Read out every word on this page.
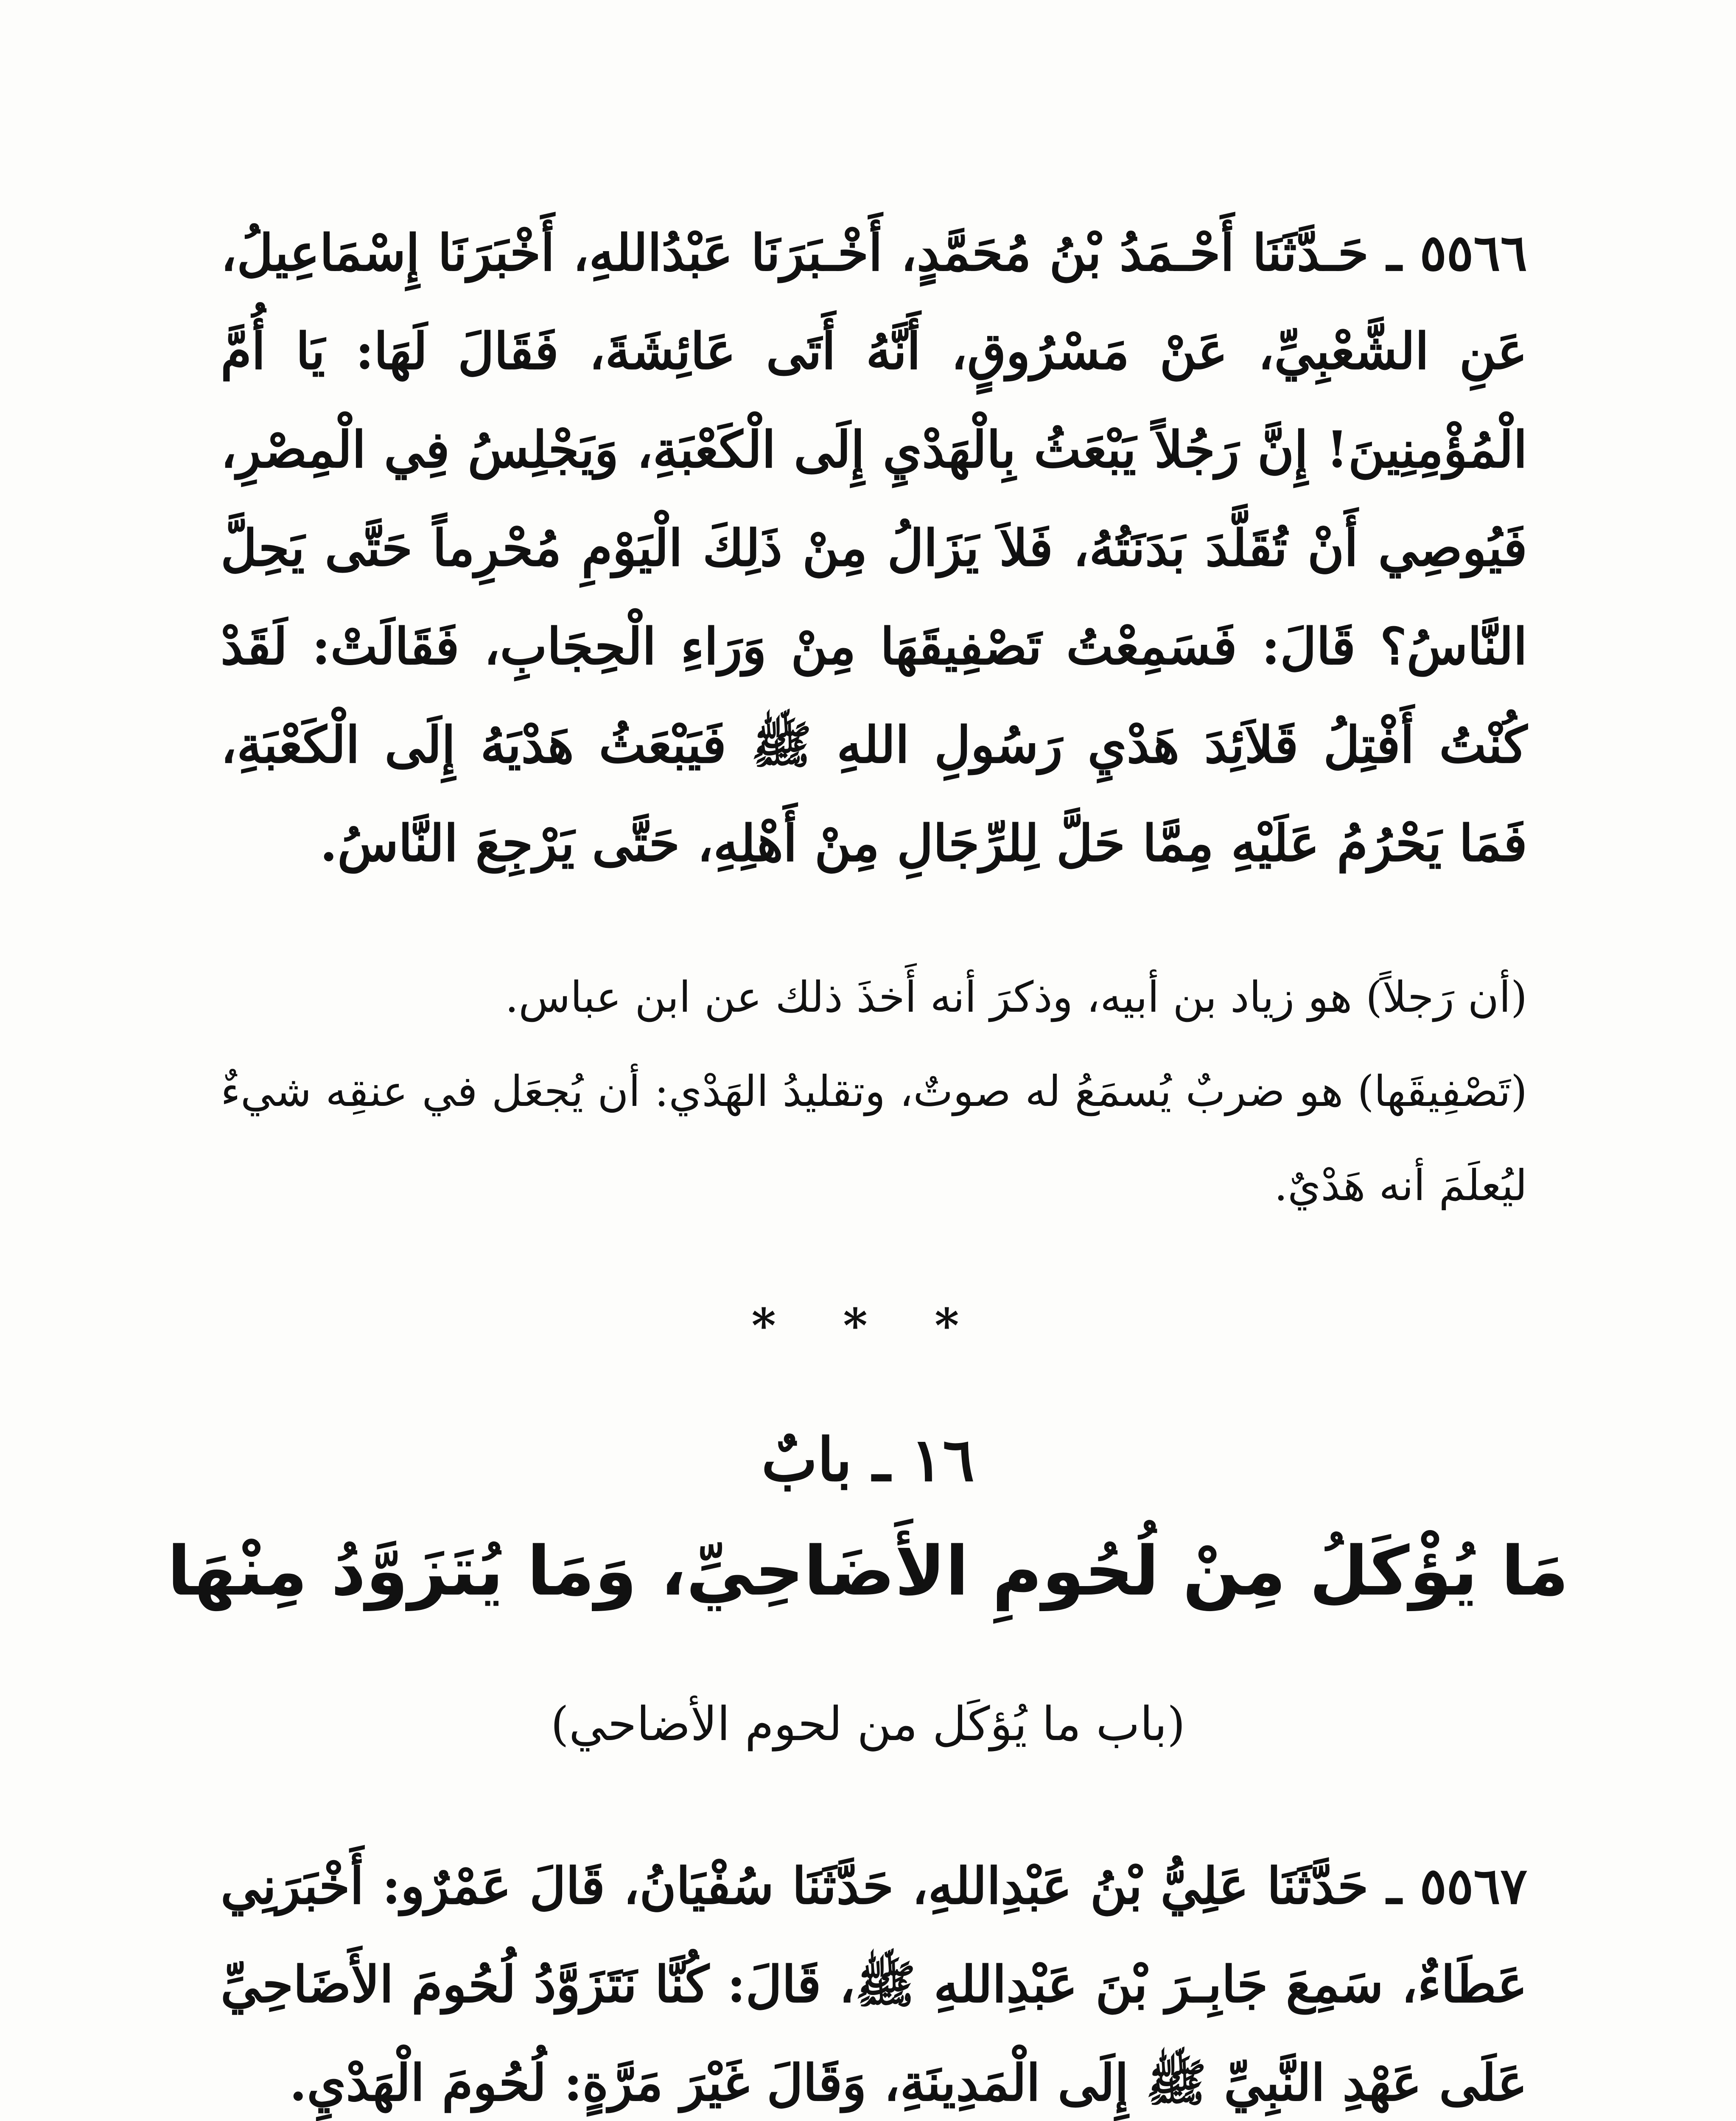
٥٥٦٦ ـ حَـدَّثَنَا أَحْـمَدُ بْنُ مُحَمَّدٍ، أَخْـبَرَنَا عَبْدُاللهِ، أَخْبَرَنَا إِسْمَاعِيلُ، عَنِ الشَّعْبِيِّ، عَنْ مَسْرُوقٍ، أَنَّهُ أَتَى عَائِشَةَ، فَقَالَ لَهَا: يَا أُمَّ الْمُؤْمِنِينَ! إِنَّ رَجُلاً يَبْعَثُ بِالْهَدْيِ إِلَى الْكَعْبَةِ، وَيَجْلِسُ فِي الْمِصْرِ، فَيُوصِي أَنْ تُقَلَّدَ بَدَنَتُهُ، فَلاَ يَزَالُ مِنْ ذَلِكَ الْيَوْمِ مُحْرِماً حَتَّى يَحِلَّ النَّاسُ؟ قَالَ: فَسَمِعْتُ تَصْفِيقَهَا مِنْ وَرَاءِ الْحِجَابِ، فَقَالَتْ: لَقَدْ كُنْتُ أَفْتِلُ قَلاَئِدَ هَدْيِ رَسُولِ اللهِ ﷺ فَيَبْعَثُ هَدْيَهُ إِلَى الْكَعْبَةِ، فَمَا يَحْرُمُ عَلَيْهِ مِمَّا حَلَّ لِلرِّجَالِ مِنْ أَهْلِهِ، حَتَّى يَرْجِعَ النَّاسُ.

(أن رَجلاً) هو زياد بن أبيه، وذكرَ أنه أَخذَ ذلك عن ابن عباس.

(تَصْفِيقَها) هو ضربٌ يُسمَعُ له صوتٌ، وتقليدُ الهَدْي: أن يُجعَل في عنقِه شيءٌ ليُعلَمَ أنه هَدْيٌ.

* * *
١٦ ـ بابٌ
مَا يُؤْكَلُ مِنْ لُحُومِ الأَضَاحِيِّ، وَمَا يُتَزَوَّدُ مِنْهَا
(باب ما يُؤكَل من لحوم الأضاحي)
٥٥٦٧ ـ حَدَّثَنَا عَلِيُّ بْنُ عَبْدِاللهِ، حَدَّثَنَا سُفْيَانُ، قَالَ عَمْرٌو: أَخْبَرَنِي عَطَاءٌ، سَمِعَ جَابِـرَ بْنَ عَبْدِاللهِ ﷺ، قَالَ: كُنَّا نَتَزَوَّدُ لُحُومَ الأَضَاحِيِّ عَلَى عَهْدِ النَّبِيِّ ﷺ إِلَى الْمَدِينَةِ، وَقَالَ غَيْرَ مَرَّةٍ: لُحُومَ الْهَدْيِ.
